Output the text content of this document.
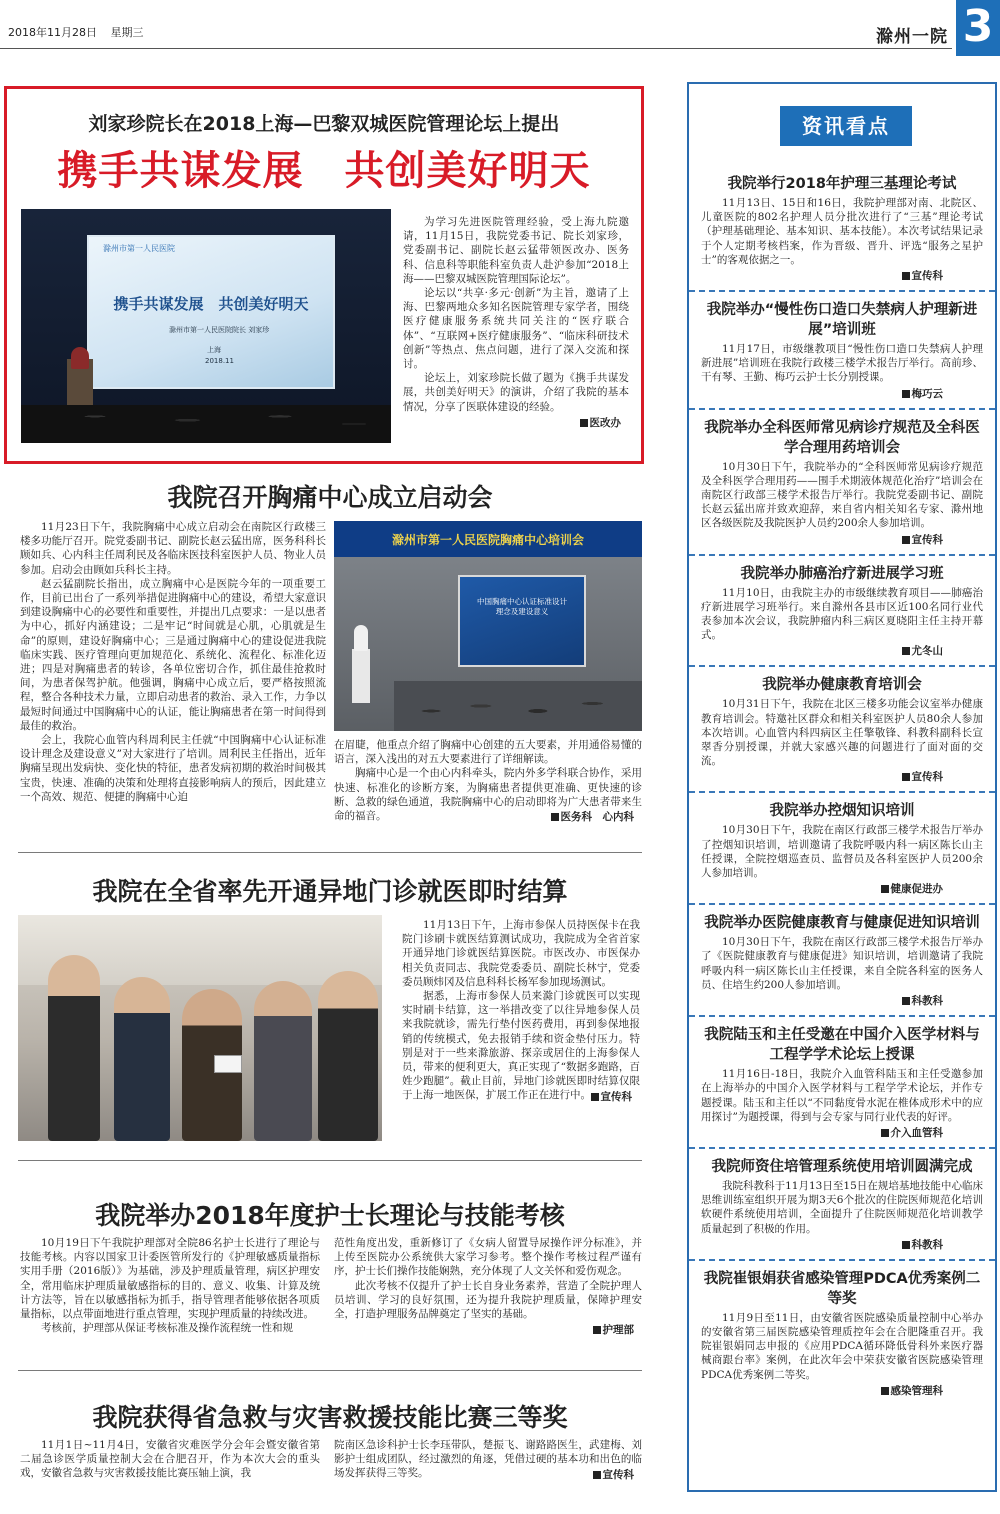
2018年11月28日 星期三	滁州一院 3
刘家珍院长在2018上海—巴黎双城医院管理论坛上提出
携手共谋发展　共创美好明天
滁州市第一人民医院
携手共谋发展　共创美好明天
滁州市第一人民医院院长 刘家珍
上海
2018.11

为学习先进医院管理经验，受上海九院邀请，11月15日，我院党委书记、院长刘家珍，党委副书记、副院长赵云猛带领医改办、医务科、信息科等职能科室负责人赴沪参加“2018上海——巴黎双城医院管理国际论坛”。

论坛以“共享·多元·创新”为主旨，邀请了上海、巴黎两地众多知名医院管理专家学者，围绕医疗健康服务系统共同关注的“医疗联合体”、“互联网+医疗健康服务”、“临床科研技术创新”等热点、焦点问题，进行了深入交流和探讨。

论坛上，刘家珍院长做了题为《携手共谋发展，共创美好明天》的演讲，介绍了我院的基本情况，分享了医联体建设的经验。

医改办
我院召开胸痛中心成立启动会

11月23日下午，我院胸痛中心成立启动会在南院区行政楼三楼多功能厅召开。院党委副书记、副院长赵云猛出席，医务科科长顾如兵、心内科主任周利民及各临床医技科室医护人员、物业人员参加。启动会由顾如兵科长主持。

赵云猛副院长指出，成立胸痛中心是医院今年的一项重要工作，目前已出台了一系列举措促进胸痛中心的建设，希望大家意识到建设胸痛中心的必要性和重要性，并提出几点要求：一是以患者为中心，抓好内涵建设；二是牢记“时间就是心肌，心肌就是生命”的原则，建设好胸痛中心；三是通过胸痛中心的建设促进我院临床实践、医疗管理向更加规范化、系统化、流程化、标准化迈进；四是对胸痛患者的转诊，各单位密切合作，抓住最佳抢救时间，为患者保驾护航。他强调，胸痛中心成立后，要严格按照流程，整合各种技术力量，立即启动患者的救治、录入工作，力争以最短时间通过中国胸痛中心的认证，能让胸痛患者在第一时间得到最佳的救治。

会上，我院心血管内科周利民主任就“中国胸痛中心认证标准设计理念及建设意义”对大家进行了培训。周利民主任指出，近年胸痛呈现出发病快、变化快的特征，患者发病初期的救治时间极其宝贵，快速、准确的决策和处理将直接影响病人的预后，因此建立一个高效、规范、便捷的胸痛中心迫

滁州市第一人民医院胸痛中心培训会
中国胸痛中心认证标准设计理念及建设意义

在眉睫，他重点介绍了胸痛中心创建的五大要素，并用通俗易懂的语言，深入浅出的对五大要素进行了详细解读。

胸痛中心是一个由心内科牵头，院内外多学科联合协作，采用快速、标准化的诊断方案，为胸痛患者提供更准确、更快速的诊断、急救的绿色通道，我院胸痛中心的启动即将为广大患者带来生命的福音。	医务科　心内科
我院在全省率先开通异地门诊就医即时结算

11月13日下午，上海市参保人员持医保卡在我院门诊刷卡就医结算测试成功，我院成为全省首家开通异地门诊就医结算医院。市医改办、市医保办相关负责同志、我院党委委员、副院长林宁，党委委员顾炜冈及信息科科长杨军参加现场测试。

据悉，上海市参保人员来滁门诊就医可以实现实时刷卡结算，这一举措改变了以往异地参保人员来我院就诊，需先行垫付医药费用，再到参保地报销的传统模式，免去报销手续和资金垫付压力。特别是对于一些来滁旅游、探亲或居住的上海参保人员，带来的便利更大，真正实现了“数据多跑路，百姓少跑腿”。截止目前，异地门诊就医即时结算仅限于上海一地医保，扩展工作正在进行中。 宣传科
我院举办2018年度护士长理论与技能考核

10月19日下午我院护理部对全院86名护士长进行了理论与技能考核。内容以国家卫计委医管所发行的《护理敏感质量指标实用手册（2016版）》为基础，涉及护理质量管理，病区护理安全，常用临床护理质量敏感指标的目的、意义、收集、计算及统计方法等，旨在以敏感指标为抓手，指导管理者能够依据各项质量指标，以点带面地进行重点管理，实现护理质量的持续改进。

考核前，护理部从保证考核标准及操作流程统一性和规

范性角度出发，重新修订了《女病人留置导尿操作评分标准》，并上传至医院办公系统供大家学习参考。整个操作考核过程严谨有序，护士长们操作技能娴熟，充分体现了人文关怀和爱伤观念。

此次考核不仅提升了护士长自身业务素养，营造了全院护理人员培训、学习的良好氛围，还为提升我院护理质量，保障护理安全，打造护理服务品牌奠定了坚实的基础。

护理部
我院获得省急救与灾害救援技能比赛三等奖

11月1日~11月4日，安徽省灾难医学分会年会暨安徽省第二届急诊医学质量控制大会在合肥召开，作为本次大会的重头戏，安徽省急救与灾害救援技能比赛压轴上演，我

院南区急诊科护士长李珏带队，楚振飞、谢路路医生，武建梅、刘影护士组成团队，经过激烈的角逐，凭借过硬的基本功和出色的临场发挥获得三等奖。	宣传科
资讯看点
我院举行2018年护理三基理论考试

11月13日、15日和16日，我院护理部对南、北院区、儿童医院的802名护理人员分批次进行了“三基”理论考试（护理基础理论、基本知识、基本技能）。本次考试结果记录于个人定期考核档案，作为晋级、晋升、评选“服务之星护士”的客观依据之一。

宣传科
我院举办“慢性伤口造口失禁病人护理新进展”培训班

11月17日，市级继教项目“慢性伤口造口失禁病人护理新进展”培训班在我院行政楼三楼学术报告厅举行。高前珍、干有琴、王勤、梅巧云护士长分别授课。

梅巧云
我院举办全科医师常见病诊疗规范及全科医学合理用药培训会

10月30日下午，我院举办的“全科医师常见病诊疗规范及全科医学合理用药——围手术期液体规范化治疗”培训会在南院区行政部三楼学术报告厅举行。我院党委副书记、副院长赵云猛出席并致欢迎辞，来自省内相关知名专家、滁州地区各级医院及我院医护人员约200余人参加培训。

宣传科
我院举办肺癌治疗新进展学习班

11月10日，由我院主办的市级继续教育项目——肺癌治疗新进展学习班举行。来自滁州各县市区近100名同行业代表参加本次会议，我院肿瘤内科三病区夏晓阳主任主持开幕式。

尤冬山
我院举办健康教育培训会

10月31日下午，我院在北区三楼多功能会议室举办健康教育培训会。特邀社区群众和相关科室医护人员80余人参加本次培训。心血管内科四病区主任擎敬锋、科教科副科长宣翠香分别授课，并就大家感兴趣的问题进行了面对面的交流。

宣传科
我院举办控烟知识培训

10月30日下午，我院在南区行政部三楼学术报告厅举办了控烟知识培训，培训邀请了我院呼吸内科一病区陈长山主任授课，全院控烟巡查员、监督员及各科室医护人员200余人参加培训。

健康促进办
我院举办医院健康教育与健康促进知识培训

10月30日下午，我院在南区行政部三楼学术报告厅举办了《医院健康教育与健康促进》知识培训，培训邀请了我院呼吸内科一病区陈长山主任授课，来自全院各科室的医务人员、住培生约200人参加培训。

科教科
我院陆玉和主任受邀在中国介入医学材料与工程学学术论坛上授课

11月16日-18日，我院介入血管科陆玉和主任受邀参加在上海举办的中国介入医学材料与工程学学术论坛，并作专题授课。陆玉和主任以“不同黏度骨水泥在椎体成形术中的应用探讨”为题授课，得到与会专家与同行业代表的好评。

介入血管科
我院师资住培管理系统使用培训圆满完成

我院科教科于11月13日至15日在规培基地技能中心临床思维训练室组织开展为期3天6个批次的住院医师规范化培训软硬件系统使用培训，全面提升了住院医师规范化培训教学质量起到了积极的作用。

科教科
我院崔银娟获省感染管理PDCA优秀案例二等奖

11月9日至11日，由安徽省医院感染质量控制中心举办的安徽省第三届医院感染管理质控年会在合肥隆重召开。我院崔银娟同志申报的《应用PDCA循环降低骨科外来医疗器械商跟台率》案例，在此次年会中荣获安徽省医院感染管理PDCA优秀案例二等奖。

感染管理科
